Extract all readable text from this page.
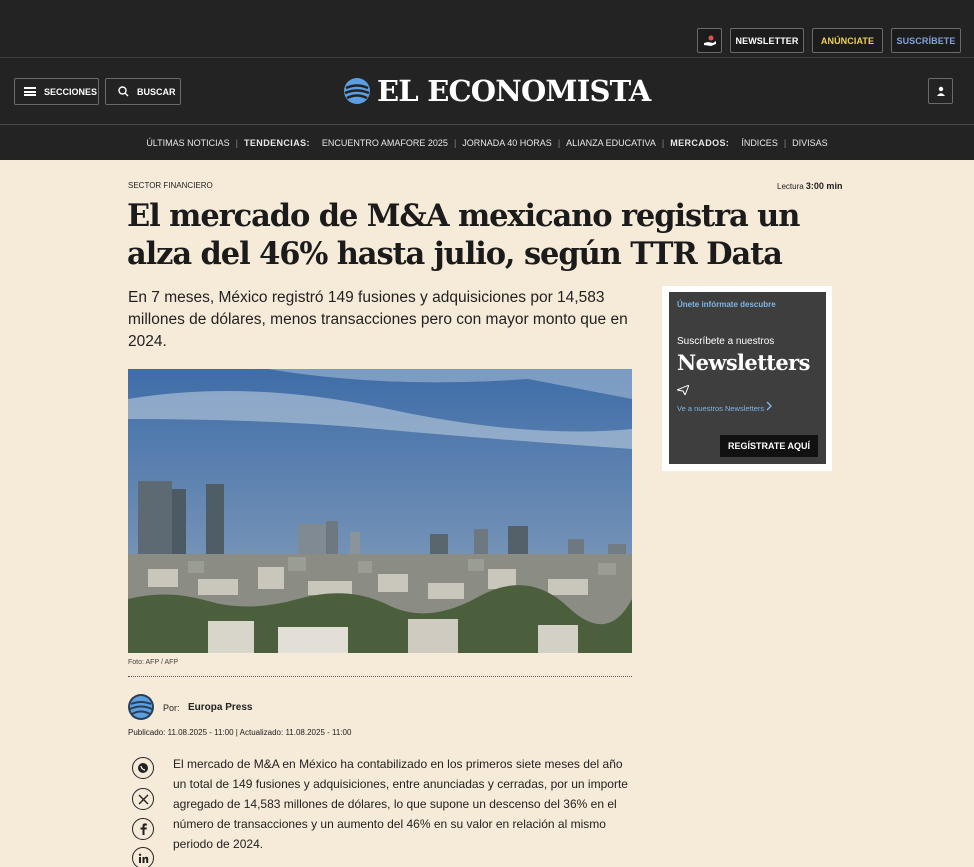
NEWSLETTER	ANÚNCIATE	SUSCRÍBETE
SECCIONES	BUSCAR	EL ECONOMISTA
ÚLTIMAS NOTICIAS | TENDENCIAS:	ENCUENTRO AMAFORE 2025 | JORNADA 40 HORAS | ALIANZA EDUCATIVA | MERCADOS:	ÍNDICES | DIVISAS
SECTOR FINANCIERO	Lectura 3:00 min
El mercado de M&A mexicano registra un alza del 46% hasta julio, según TTR Data

En 7 meses, México registró 149 fusiones y adquisiciones por 14,583 millones de dólares, menos transacciones pero con mayor monto que en 2024.

Foto: AFP / AFP
Por: Europa Press
Publicado: 11.08.2025 - 11:00 | Actualizado: 11.08.2025 - 11:00

El mercado de M&A en México ha contabilizado en los primeros siete meses del año un total de 149 fusiones y adquisiciones, entre anunciadas y cerradas, por un importe agregado de 14,583 millones de dólares, lo que supone un descenso del 36% en el número de transacciones y un aumento del 46% en su valor en relación al mismo periodo de 2024.

Únete infórmate descubre
Suscríbete a nuestros
Newsletters
Ve a nuestros Newsletters
REGÍSTRATE AQUÍ
